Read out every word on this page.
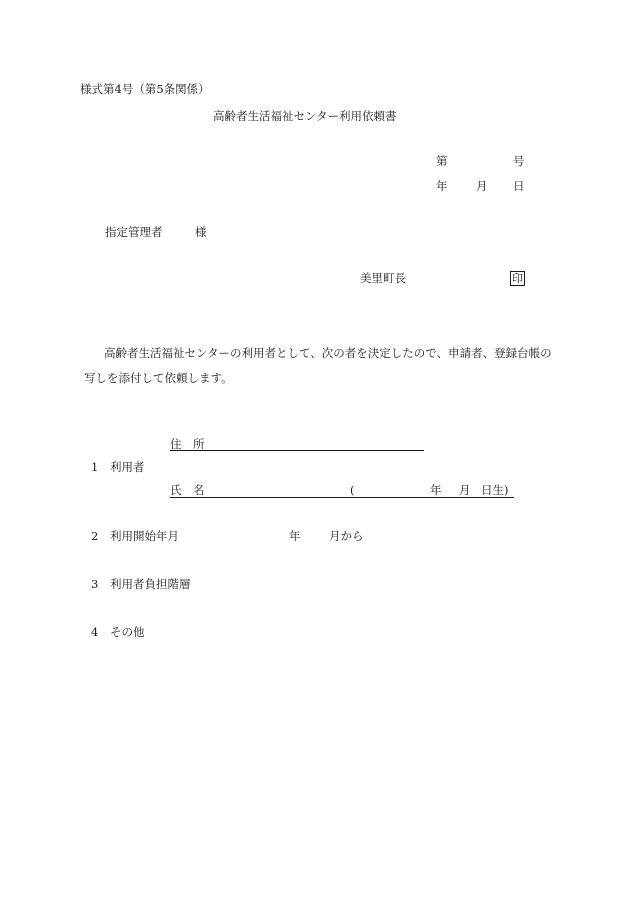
様式第4号（第5条関係）
高齢者生活福祉センター利用依頼書
第	号
年 月 日
指定管理者	様
美里町長	印
高齢者生活福祉センターの利用者として、次の者を決定したので、申請者、登録台帳の写しを添付して依頼します。
住　所
1 利用者
氏　名	(	年 月 日生)
2 利用開始年月	年 月から
3 利用者負担階層
4 その他
